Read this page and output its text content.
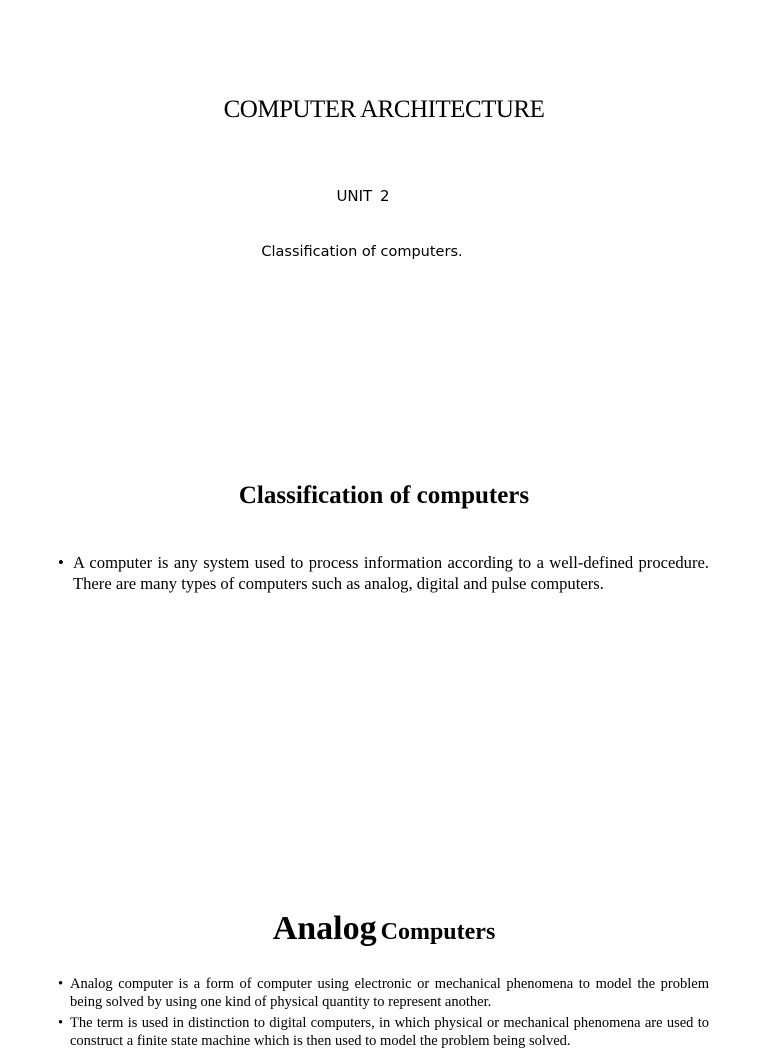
COMPUTER ARCHITECTURE
UNIT 2
Classification of computers.
Classification of computers
• A computer is any system used to process information according to a well-defined procedure. There are many types of computers such as analog, digital and pulse computers.
Analog Computers
• Analog computer is a form of computer using electronic or mechanical phenomena to model the problem being solved by using one kind of physical quantity to represent another.
• The term is used in distinction to digital computers, in which physical or mechanical phenomena are used to construct a finite state machine which is then used to model the problem being solved.
